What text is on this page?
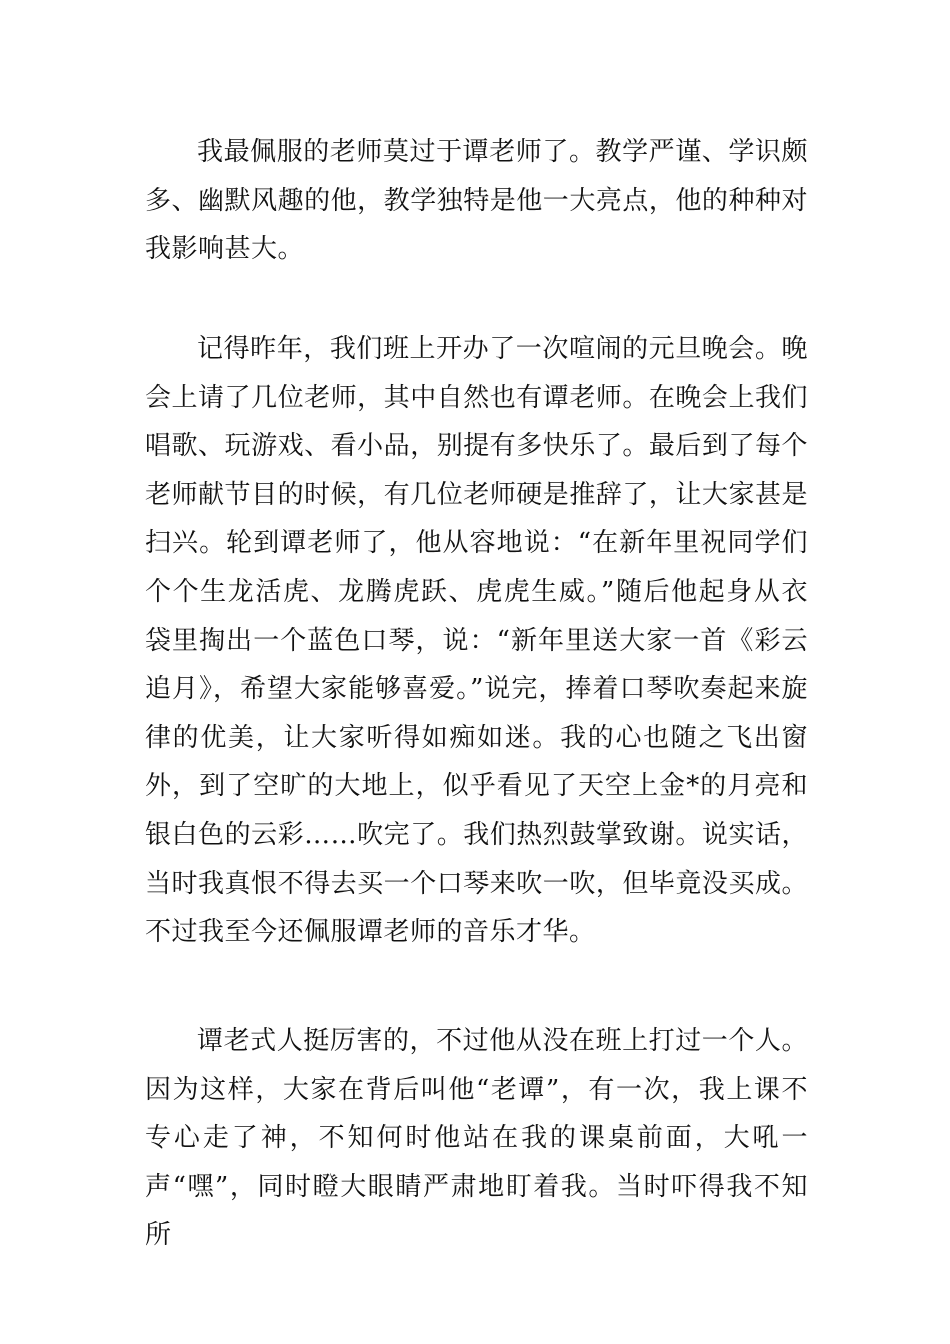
我最佩服的老师莫过于谭老师了。教学严谨、学识颇多、幽默风趣的他，教学独特是他一大亮点，他的种种对我影响甚大。

记得昨年，我们班上开办了一次喧闹的元旦晚会。晚会上请了几位老师，其中自然也有谭老师。在晚会上我们唱歌、玩游戏、看小品，别提有多快乐了。最后到了每个老师献节目的时候，有几位老师硬是推辞了，让大家甚是扫兴。轮到谭老师了，他从容地说：“在新年里祝同学们个个生龙活虎、龙腾虎跃、虎虎生威。”随后他起身从衣袋里掏出一个蓝色口琴，说：“新年里送大家一首《彩云追月》，希望大家能够喜爱。”说完，捧着口琴吹奏起来旋律的优美，让大家听得如痴如迷。我的心也随之飞出窗外，到了空旷的大地上，似乎看见了天空上金*的月亮和银白色的云彩……吹完了。我们热烈鼓掌致谢。说实话，当时我真恨不得去买一个口琴来吹一吹，但毕竟没买成。不过我至今还佩服谭老师的音乐才华。

谭老式人挺厉害的，不过他从没在班上打过一个人。因为这样，大家在背后叫他“老谭”，有一次，我上课不专心走了神，不知何时他站在我的课桌前面，大吼一声“嘿”，同时瞪大眼睛严肃地盯着我。当时吓得我不知所
